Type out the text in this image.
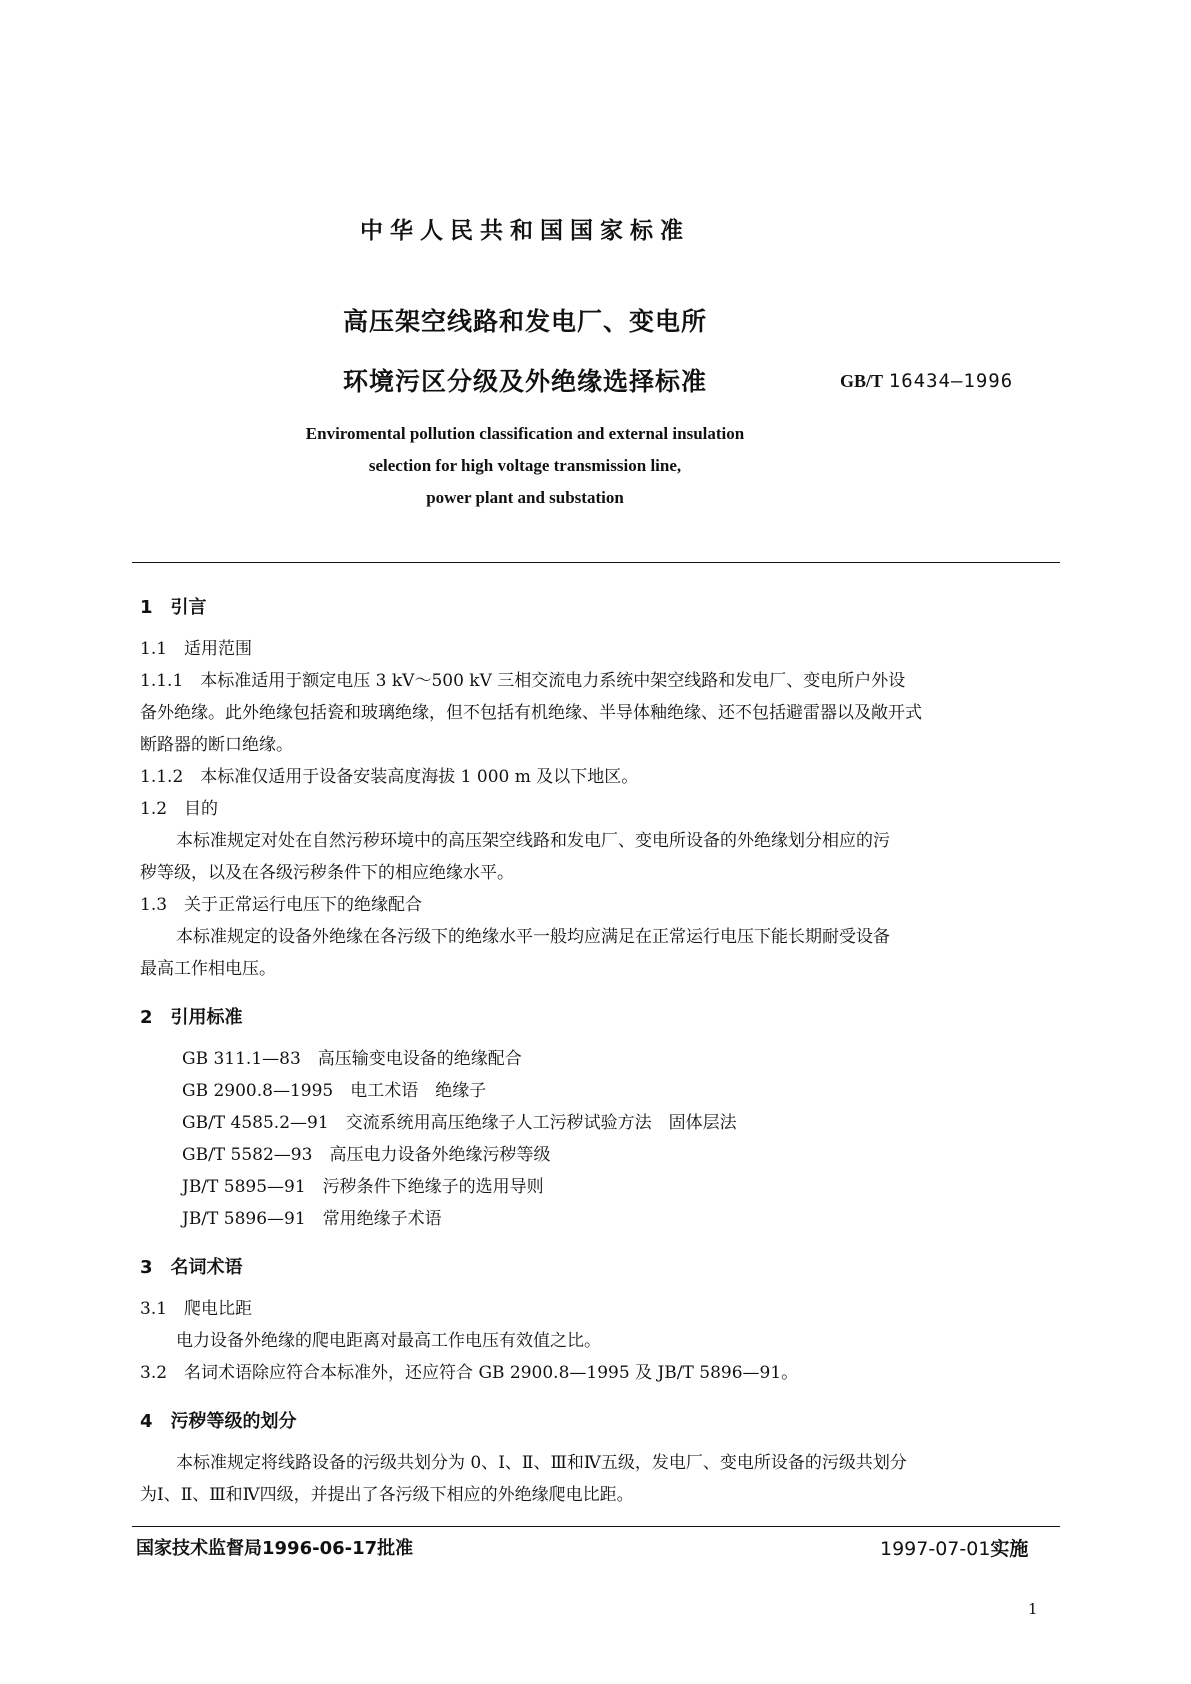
中华人民共和国国家标准
高压架空线路和发电厂、变电所
环境污区分级及外绝缘选择标准	GB/T 16434—1996
Enviromental pollution classification and external insulation
selection for high voltage transmission line,
power plant and substation
1　引言
1.1　适用范围
1.1.1　本标准适用于额定电压 3 kV～500 kV 三相交流电力系统中架空线路和发电厂、变电所户外设
备外绝缘。此外绝缘包括瓷和玻璃绝缘，但不包括有机绝缘、半导体釉绝缘、还不包括避雷器以及敞开式
断路器的断口绝缘。
1.1.2　本标准仅适用于设备安装高度海拔 1 000 m 及以下地区。
1.2　目的
本标准规定对处在自然污秽环境中的高压架空线路和发电厂、变电所设备的外绝缘划分相应的污
秽等级，以及在各级污秽条件下的相应绝缘水平。
1.3　关于正常运行电压下的绝缘配合
本标准规定的设备外绝缘在各污级下的绝缘水平一般均应满足在正常运行电压下能长期耐受设备
最高工作相电压。
2　引用标准
GB 311.1—83　高压输变电设备的绝缘配合
GB 2900.8—1995　电工术语　绝缘子
GB/T 4585.2—91　交流系统用高压绝缘子人工污秽试验方法　固体层法
GB/T 5582—93　高压电力设备外绝缘污秽等级
JB/T 5895—91　污秽条件下绝缘子的选用导则
JB/T 5896—91　常用绝缘子术语
3　名词术语
3.1　爬电比距
电力设备外绝缘的爬电距离对最高工作电压有效值之比。
3.2　名词术语除应符合本标准外，还应符合 GB 2900.8—1995 及 JB/T 5896—91。
4　污秽等级的划分
本标准规定将线路设备的污级共划分为 0、Ⅰ、Ⅱ、Ⅲ和Ⅳ五级，发电厂、变电所设备的污级共划分
为Ⅰ、Ⅱ、Ⅲ和Ⅳ四级，并提出了各污级下相应的外绝缘爬电比距。
国家技术监督局1996-06-17批准	1997-07-01实施
1
